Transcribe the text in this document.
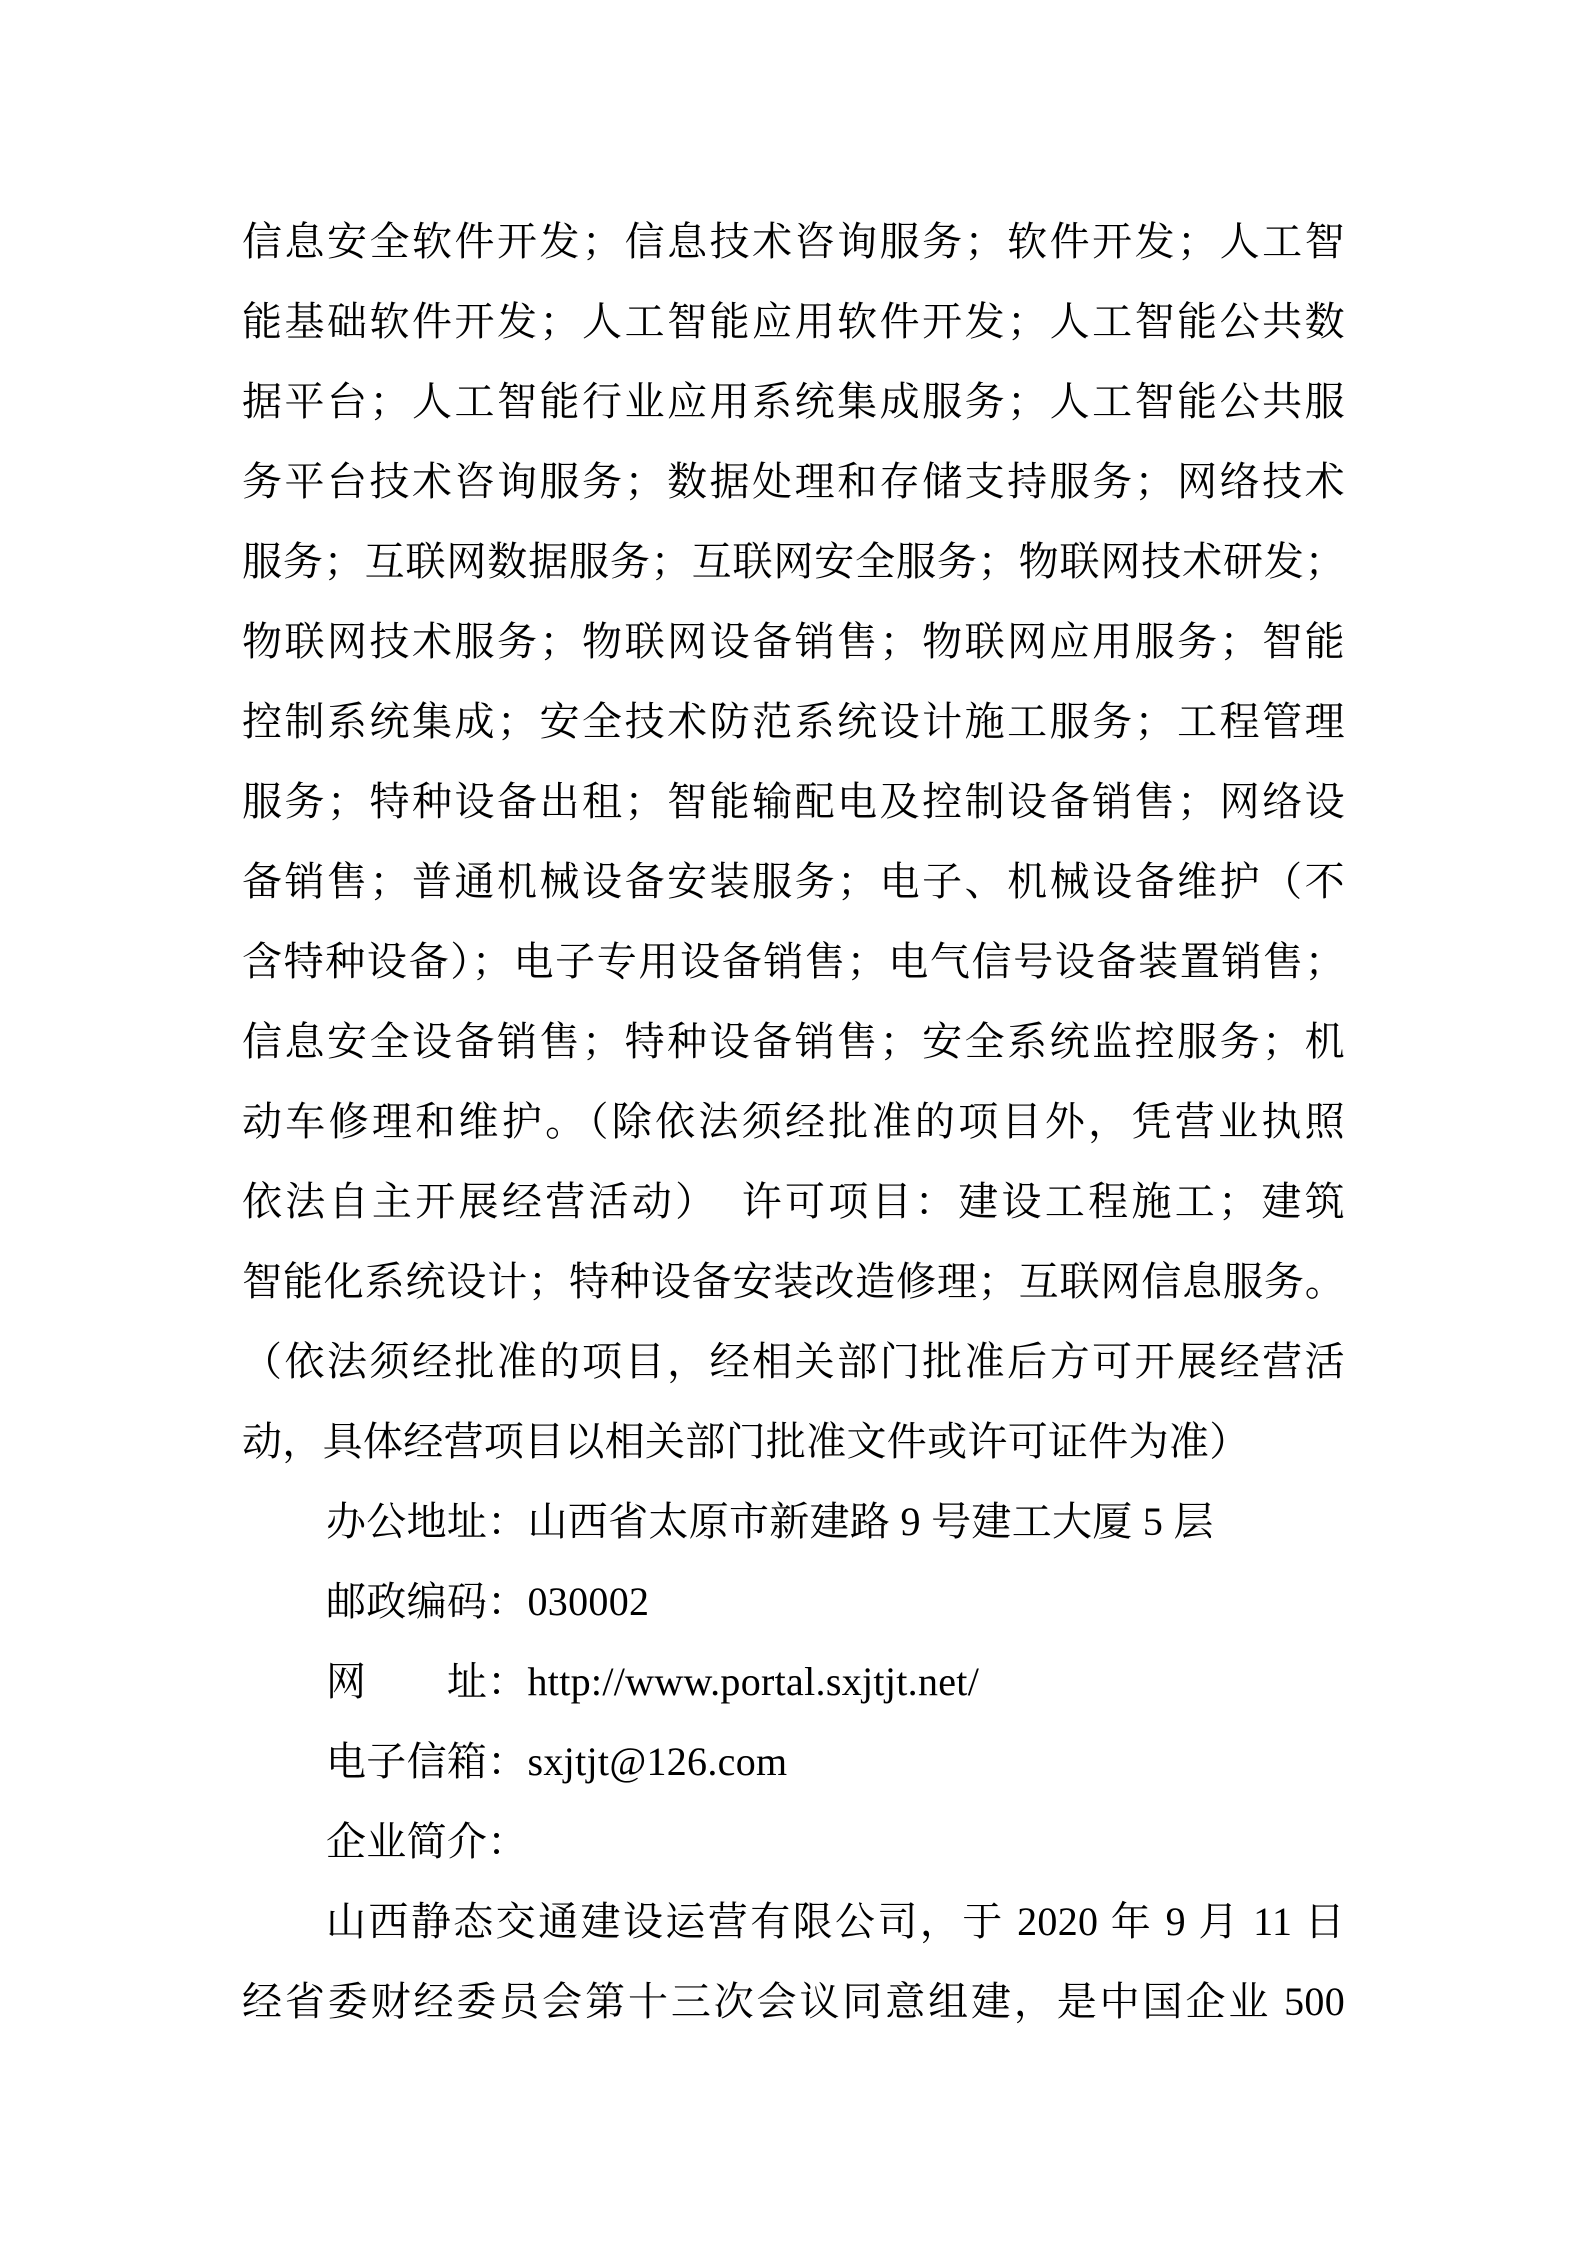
信息安全软件开发；信息技术咨询服务；软件开发；人工智
能基础软件开发；人工智能应用软件开发；人工智能公共数
据平台；人工智能行业应用系统集成服务；人工智能公共服
务平台技术咨询服务；数据处理和存储支持服务；网络技术
服务；互联网数据服务；互联网安全服务；物联网技术研发；
物联网技术服务；物联网设备销售；物联网应用服务；智能
控制系统集成；安全技术防范系统设计施工服务；工程管理
服务；特种设备出租；智能输配电及控制设备销售；网络设
备销售；普通机械设备安装服务；电子、机械设备维护（不
含特种设备）；电子专用设备销售；电气信号设备装置销售；
信息安全设备销售；特种设备销售；安全系统监控服务；机
动车修理和维护。（除依法须经批准的项目外，凭营业执照
依法自主开展经营活动）　许可项目：建设工程施工；建筑
智能化系统设计；特种设备安装改造修理；互联网信息服务。
（依法须经批准的项目，经相关部门批准后方可开展经营活
动，具体经营项目以相关部门批准文件或许可证件为准）
办公地址：山西省太原市新建路 9 号建工大厦 5 层
邮政编码：030002
网　　址：http://www.portal.sxjtjt.net/
电子信箱：sxjtjt@126.com
企业简介：
山西静态交通建设运营有限公司，于 2020 年 9 月 11 日
经省委财经委员会第十三次会议同意组建，是中国企业 500
